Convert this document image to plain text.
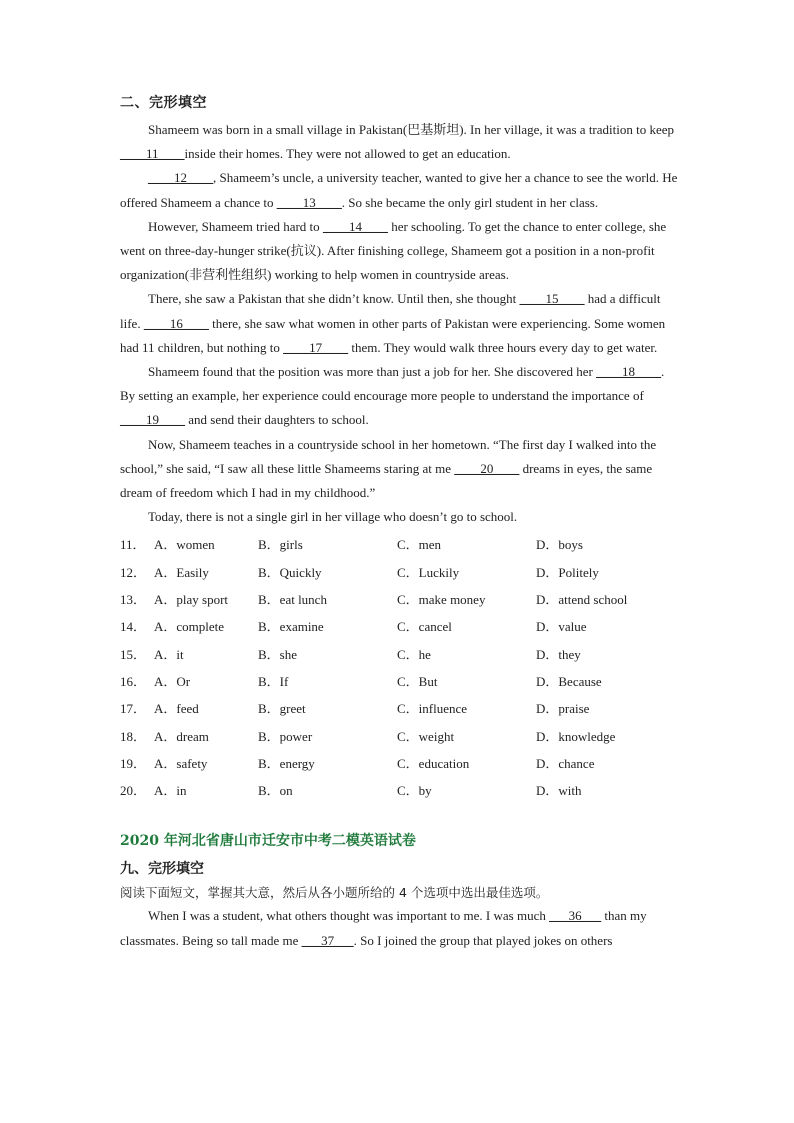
二、完形填空

Shameem was born in a small village in Pakistan(巴基斯坦). In her village, it was a tradition to keep ____11____inside their homes. They were not allowed to get an education.

____12____, Shameem’s uncle, a university teacher, wanted to give her a chance to see the world. He offered Shameem a chance to ____13____. So she became the only girl student in her class.

However, Shameem tried hard to ____14____ her schooling. To get the chance to enter college, she went on three-day-hunger strike(抗议). After finishing college, Shameem got a position in a non-profit organization(非营利性组织) working to help women in countryside areas.

There, she saw a Pakistan that she didn’t know. Until then, she thought ____15____ had a difficult life. ____16____ there, she saw what women in other parts of Pakistan were experiencing. Some women had 11 children, but nothing to ____17____ them. They would walk three hours every day to get water.

Shameem found that the position was more than just a job for her. She discovered her ____18____. By setting an example, her experience could encourage more people to understand the importance of ____19____ and send their daughters to school.

Now, Shameem teaches in a countryside school in her hometown. “The first day I walked into the school,” she said, “I saw all these little Shameems staring at me ____20____ dreams in eyes, the same dream of freedom which I had in my childhood.”

Today, there is not a single girl in her village who doesn’t go to school.

11． A．women	B．girls	C．men	D．boys
12． A．Easily	B．Quickly	C．Luckily	D．Politely
13． A．play sport	B．eat lunch	C．make money	D．attend school
14． A．complete	B．examine	C．cancel	D．value
15． A．it	B．she	C．he	D．they
16． A．Or	B．If	C．But	D．Because
17． A．feed	B．greet	C．influence	D．praise
18． A．dream	B．power	C．weight	D．knowledge
19． A．safety	B．energy	C．education	D．chance
20． A．in	B．on	C．by	D．with
2020 年河北省唐山市迁安市中考二模英语试卷
九、完形填空

阅读下面短文，掌握其大意，然后从各小题所给的 4 个选项中选出最佳选项。

When I was a student, what others thought was important to me. I was much ___36___ than my classmates. Being so tall made me ___37___. So I joined the group that played jokes on others
